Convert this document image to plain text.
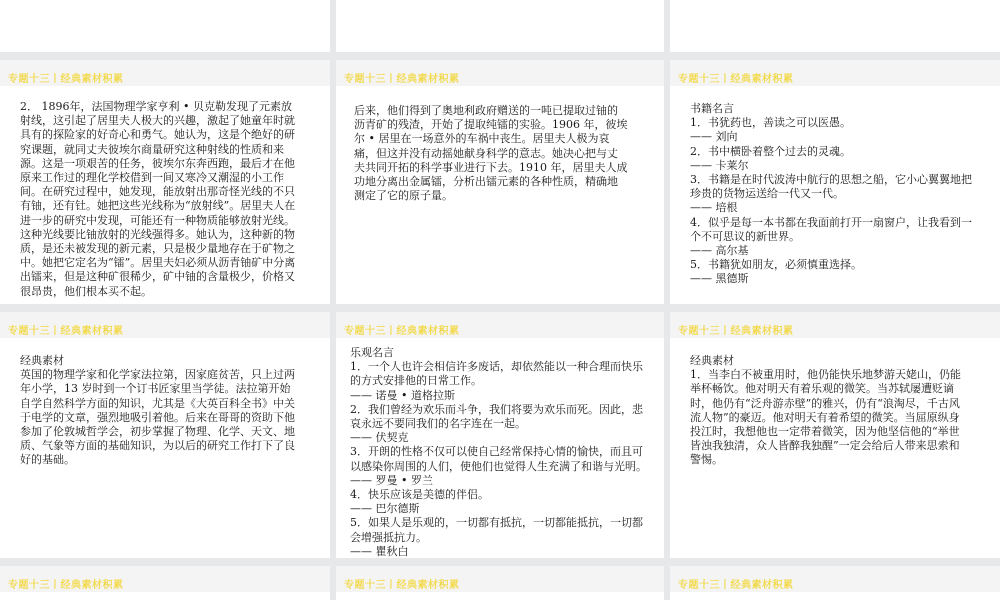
专题十三丨经典素材积累
2． 1896年，法国物理学家亨利 • 贝克勒发现了元素放射线，这引起了居里夫人极大的兴趣，激起了她童年时就具有的探险家的好奇心和勇气。她认为，这是个绝好的研究课题，就同丈夫彼埃尔商量研究这种射线的性质和来源。这是一项艰苦的任务，彼埃尔东奔西跑，最后才在他原来工作过的理化学校借到一间又寒冷又潮湿的小工作间。在研究过程中，她发现，能放射出那奇怪光线的不只有铀，还有钍。她把这些光线称为“放射线”。居里夫人在进一步的研究中发现，可能还有一种物质能够放射光线。这种光线要比铀放射的光线强得多。她认为，这种新的物质，是还未被发现的新元素，只是极少量地存在于矿物之中。她把它定名为“镭”。居里夫妇必须从沥青铀矿中分离出镭来，但是这种矿很稀少，矿中铀的含量极少，价格又很昂贵，他们根本买不起。
专题十三丨经典素材积累
后来，他们得到了奥地利政府赠送的一吨已提取过铀的沥青矿的残渣，开始了提取纯镭的实验。1906 年，彼埃尔 • 居里在一场意外的车祸中丧生。居里夫人极为哀痛，但这并没有动摇她献身科学的意志。她决心把与丈夫共同开拓的科学事业进行下去。1910 年，居里夫人成功地分离出金属镭，分析出镭元素的各种性质，精确地测定了它的原子量。
专题十三丨经典素材积累
书籍名言
1．书犹药也，善读之可以医愚。
—— 刘向
2．书中横卧着整个过去的灵魂。
—— 卡莱尔
3．书籍是在时代波涛中航行的思想之船，它小心翼翼地把珍贵的货物运送给一代又一代。
—— 培根
4．似乎是每一本书都在我面前打开一扇窗户，让我看到一个不可思议的新世界。
—— 高尔基
5．书籍犹如朋友，必须慎重选择。
—— 黑德斯
专题十三丨经典素材积累
经典素材
英国的物理学家和化学家法拉第，因家庭贫苦，只上过两年小学，13 岁时到一个订书匠家里当学徒。法拉第开始自学自然科学方面的知识，尤其是《大英百科全书》中关于电学的文章，强烈地吸引着他。后来在哥哥的资助下他参加了伦敦城哲学会，初步掌握了物理、化学、天文、地质、气象等方面的基础知识，为以后的研究工作打下了良好的基础。
专题十三丨经典素材积累
乐观名言
1．一个人也许会相信许多废话，却依然能以一种合理而快乐的方式安排他的日常工作。
—— 诺曼 • 道格拉斯
2．我们曾经为欢乐而斗争，我们将要为欢乐而死。因此，悲哀永远不要同我们的名字连在一起。
—— 伏契克
3．开朗的性格不仅可以使自己经常保持心情的愉快，而且可以感染你周围的人们，使他们也觉得人生充满了和谐与光明。
—— 罗曼 • 罗兰
4．快乐应该是美德的伴侣。
—— 巴尔德斯
5．如果人是乐观的，一切都有抵抗，一切都能抵抗，一切都会增强抵抗力。
—— 瞿秋白
专题十三丨经典素材积累
经典素材
1．当李白不被重用时，他仍能快乐地梦游天姥山，仍能举杯畅饮。他对明天有着乐观的微笑。当苏轼屡遭贬谪时，他仍有“泛舟游赤壁”的雅兴，仍有“浪淘尽，千古风流人物”的豪迈。他对明天有着希望的微笑。当屈原纵身投江时，我想他也一定带着微笑，因为他坚信他的“举世皆浊我独清，众人皆醉我独醒”一定会给后人带来思索和警惕。
专题十三丨经典素材积累	专题十三丨经典素材积累	专题十三丨经典素材积累
